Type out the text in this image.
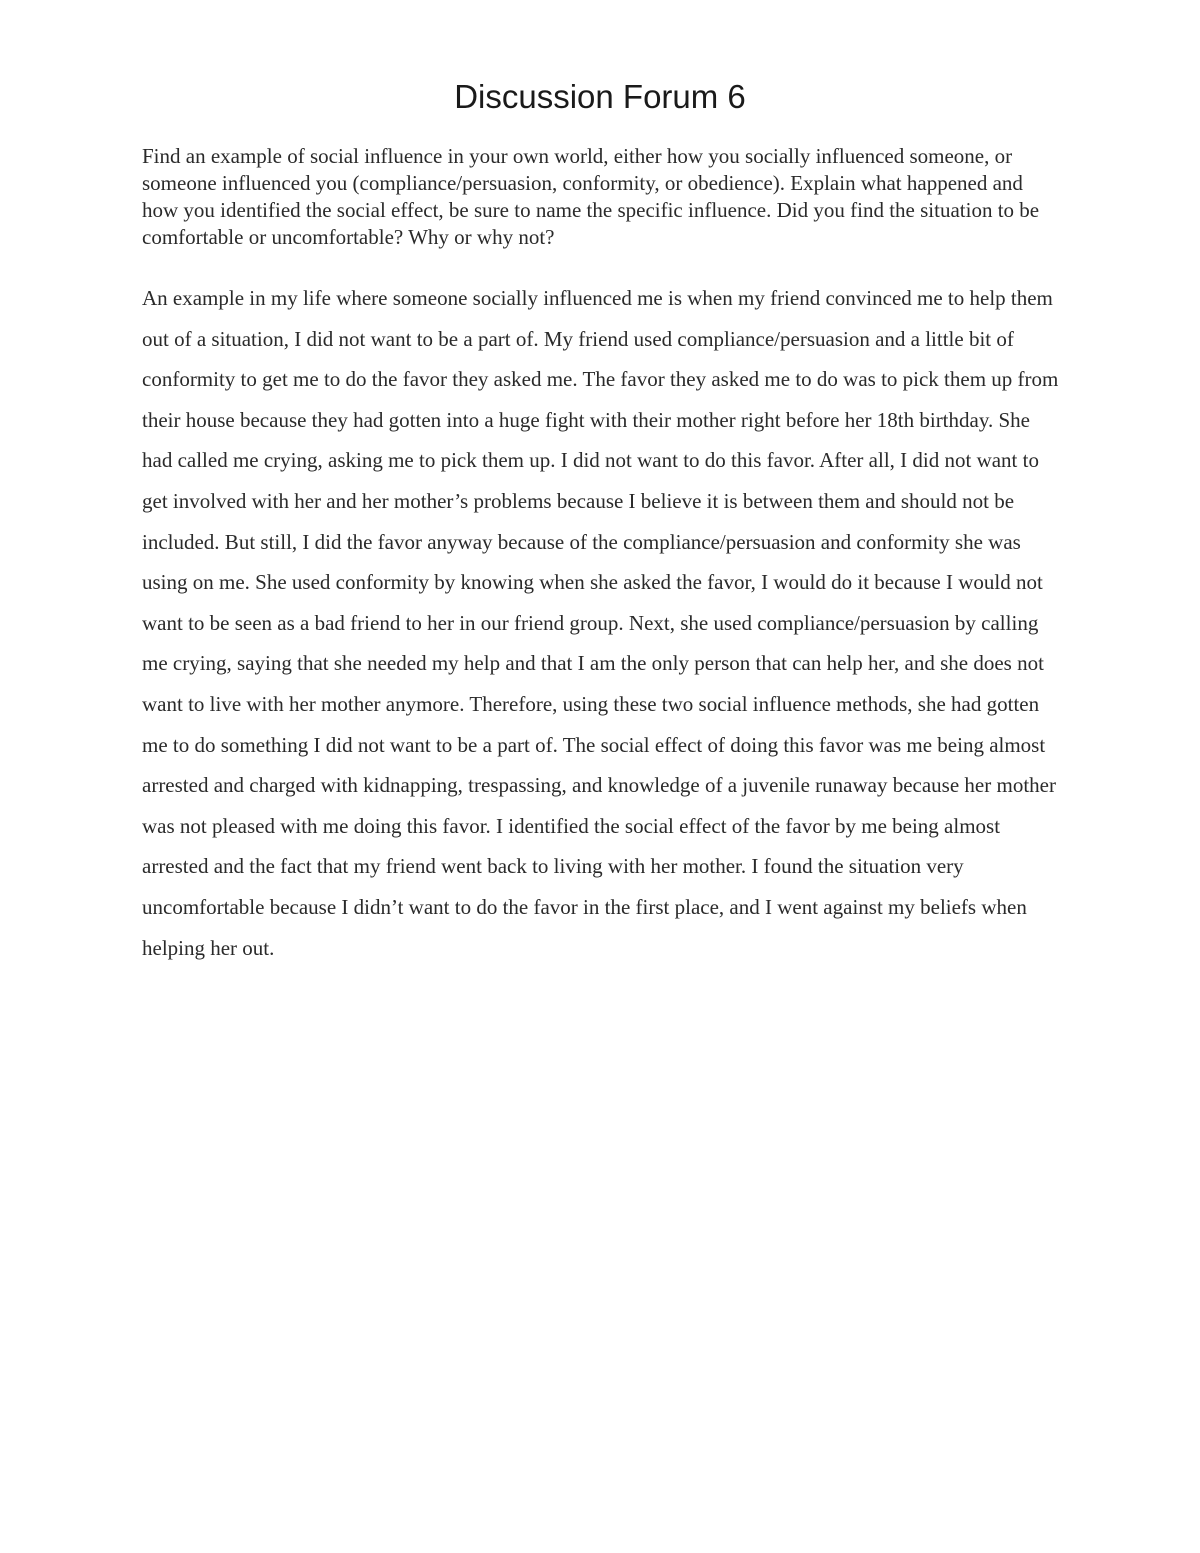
Discussion Forum 6

Find an example of social influence in your own world, either how you socially influenced someone, or someone influenced you (compliance/persuasion, conformity, or obedience). Explain what happened and how you identified the social effect, be sure to name the specific influence. Did you find the situation to be comfortable or uncomfortable? Why or why not?

An example in my life where someone socially influenced me is when my friend convinced me to help them out of a situation, I did not want to be a part of. My friend used compliance/persuasion and a little bit of conformity to get me to do the favor they asked me. The favor they asked me to do was to pick them up from their house because they had gotten into a huge fight with their mother right before her 18th birthday. She had called me crying, asking me to pick them up. I did not want to do this favor. After all, I did not want to get involved with her and her mother’s problems because I believe it is between them and should not be included. But still, I did the favor anyway because of the compliance/persuasion and conformity she was using on me. She used conformity by knowing when she asked the favor, I would do it because I would not want to be seen as a bad friend to her in our friend group. Next, she used compliance/persuasion by calling me crying, saying that she needed my help and that I am the only person that can help her, and she does not want to live with her mother anymore. Therefore, using these two social influence methods, she had gotten me to do something I did not want to be a part of. The social effect of doing this favor was me being almost arrested and charged with kidnapping, trespassing, and knowledge of a juvenile runaway because her mother was not pleased with me doing this favor. I identified the social effect of the favor by me being almost arrested and the fact that my friend went back to living with her mother. I found the situation very uncomfortable because I didn’t want to do the favor in the first place, and I went against my beliefs when helping her out.
